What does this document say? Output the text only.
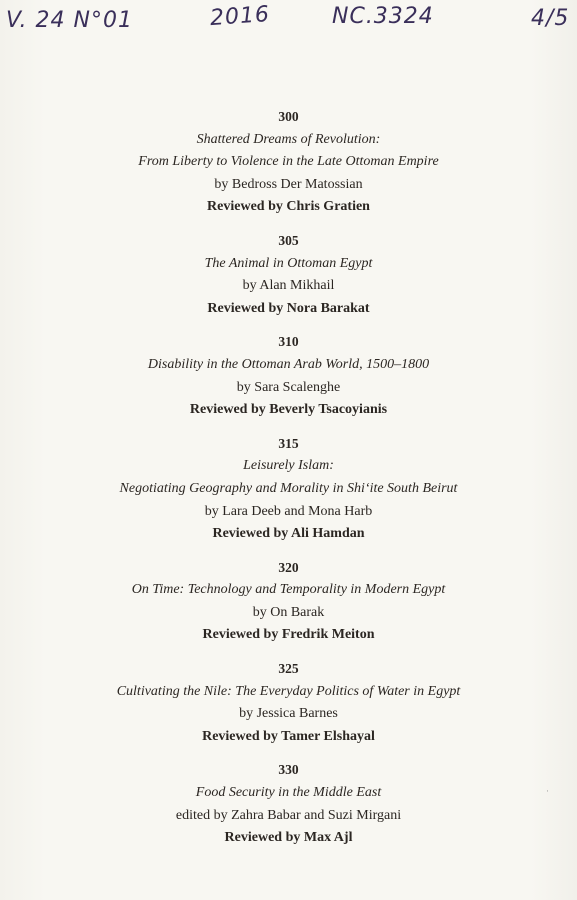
V. 24 N°01	2016	NC.3324	4/5
300
Shattered Dreams of Revolution:
From Liberty to Violence in the Late Ottoman Empire
by Bedross Der Matossian
Reviewed by Chris Gratien
305
The Animal in Ottoman Egypt
by Alan Mikhail
Reviewed by Nora Barakat
310
Disability in the Ottoman Arab World, 1500–1800
by Sara Scalenghe
Reviewed by Beverly Tsacoyianis
315
Leisurely Islam:
Negotiating Geography and Morality in Shi‘ite South Beirut
by Lara Deeb and Mona Harb
Reviewed by Ali Hamdan
320
On Time: Technology and Temporality in Modern Egypt
by On Barak
Reviewed by Fredrik Meiton
325
Cultivating the Nile: The Everyday Politics of Water in Egypt
by Jessica Barnes
Reviewed by Tamer Elshayal
330
Food Security in the Middle East
edited by Zahra Babar and Suzi Mirgani
Reviewed by Max Ajl
·
